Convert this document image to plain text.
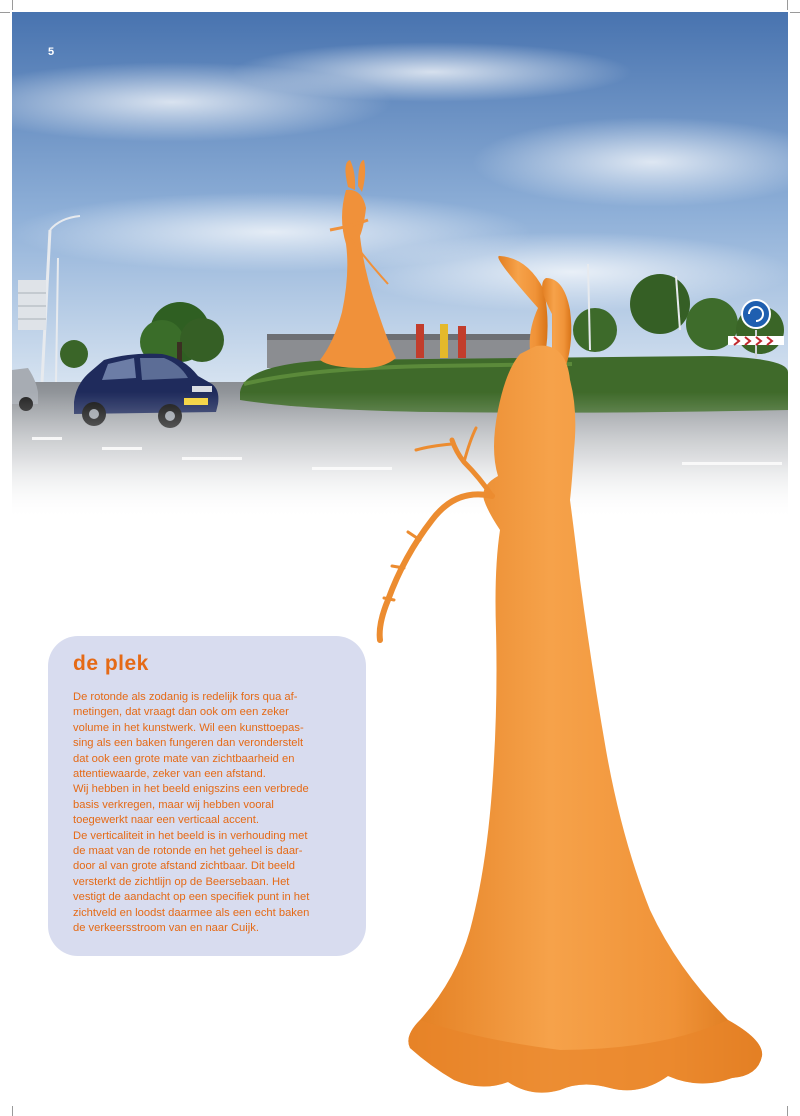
5
de plek

De rotonde als zodanig is redelijk fors qua af-
metingen, dat vraagt dan ook om een zeker
volume in het kunstwerk. Wil een kunsttoepas-
sing als een baken fungeren dan veronderstelt
dat ook een grote mate van zichtbaarheid en
attentiewaarde, zeker van een afstand.
Wij hebben in het beeld enigszins een verbrede
basis verkregen, maar wij hebben vooral
toegewerkt naar een verticaal accent.
De verticaliteit in het beeld is in verhouding met
de maat van de rotonde en het geheel is daar-
door al van grote afstand zichtbaar. Dit beeld
versterkt de zichtlijn op de Beersebaan. Het
vestigt de aandacht op een specifiek punt in het
zichtveld en loodst daarmee als een echt baken
de verkeersstroom van en naar Cuijk.
